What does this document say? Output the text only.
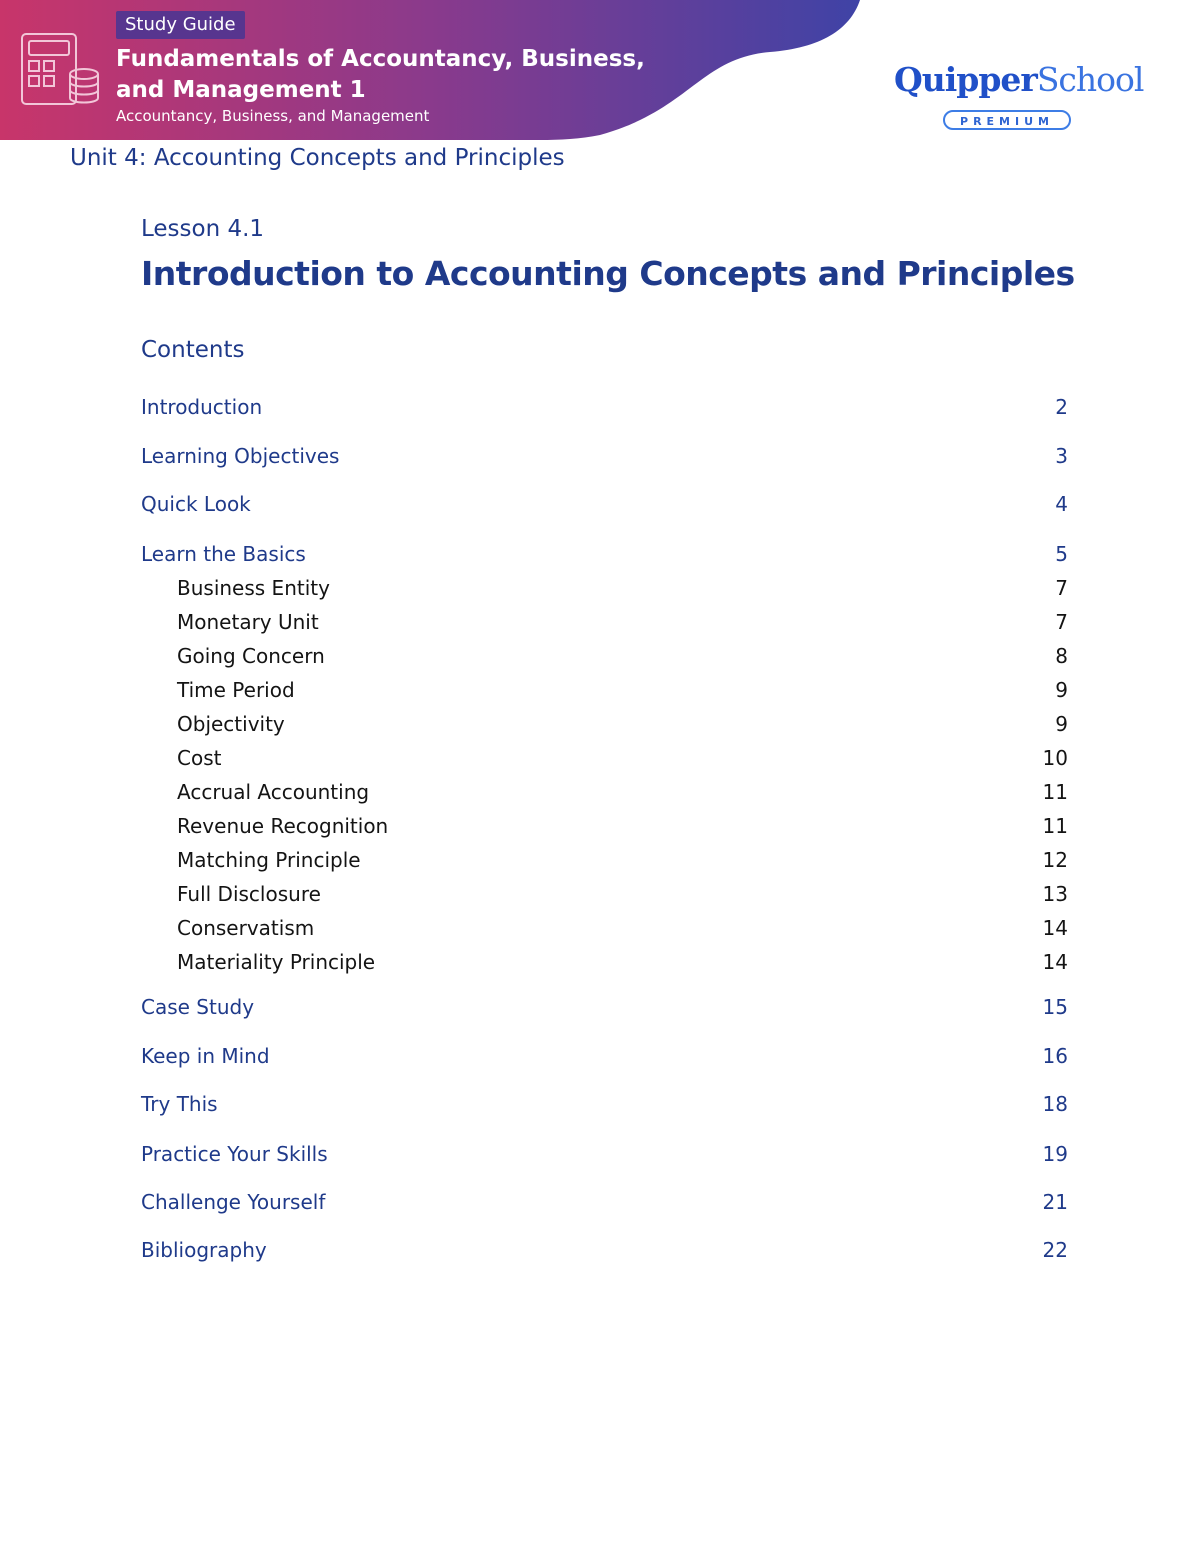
Study Guide
Fundamentals of Accountancy, Business, and Management 1
Accountancy, Business, and Management
QuipperSchool
PREMIUM
Unit 4: Accounting Concepts and Principles
Lesson 4.1
Introduction to Accounting Concepts and Principles
Contents
Introduction	2
Learning Objectives	3
Quick Look	4
Learn the Basics	5
Business Entity	7
Monetary Unit	7
Going Concern	8
Time Period	9
Objectivity	9
Cost	10
Accrual Accounting	11
Revenue Recognition	11
Matching Principle	12
Full Disclosure	13
Conservatism	14
Materiality Principle	14
Case Study	15
Keep in Mind	16
Try This	18
Practice Your Skills	19
Challenge Yourself	21
Bibliography	22
